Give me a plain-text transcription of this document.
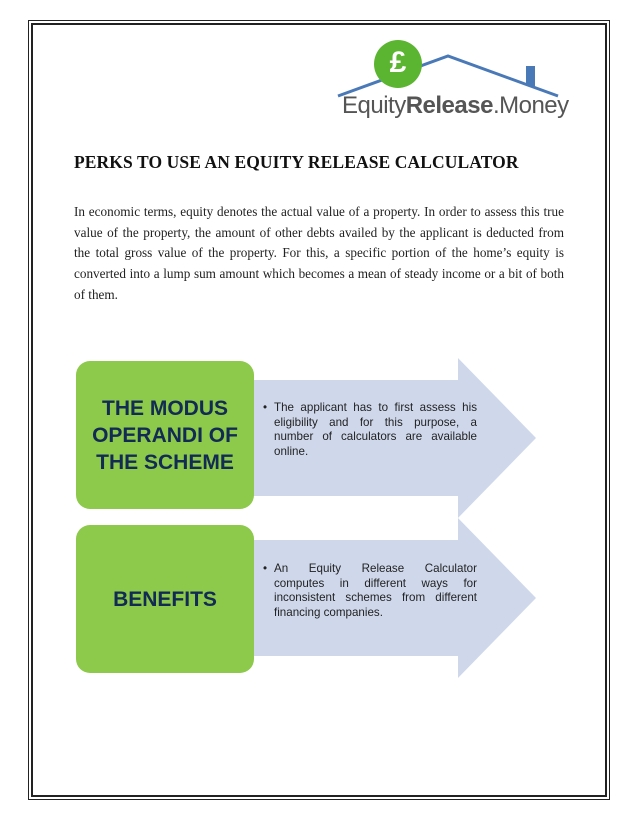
£
EquityRelease.Money
PERKS TO USE AN EQUITY RELEASE CALCULATOR

In economic terms, equity denotes the actual value of a property. In order to assess this true value of the property, the amount of other debts availed by the applicant is deducted from the total gross value of the property. For this, a specific portion of the home’s equity is converted into a lump sum amount which becomes a mean of steady income or a bit of both of them.

THE MODUS
OPERANDI OF
THE SCHEME
• The applicant has to first assess his eligibility and for this purpose, a number of calculators are available online.
BENEFITS
• An Equity Release Calculator computes in different ways for inconsistent schemes from different financing companies.
